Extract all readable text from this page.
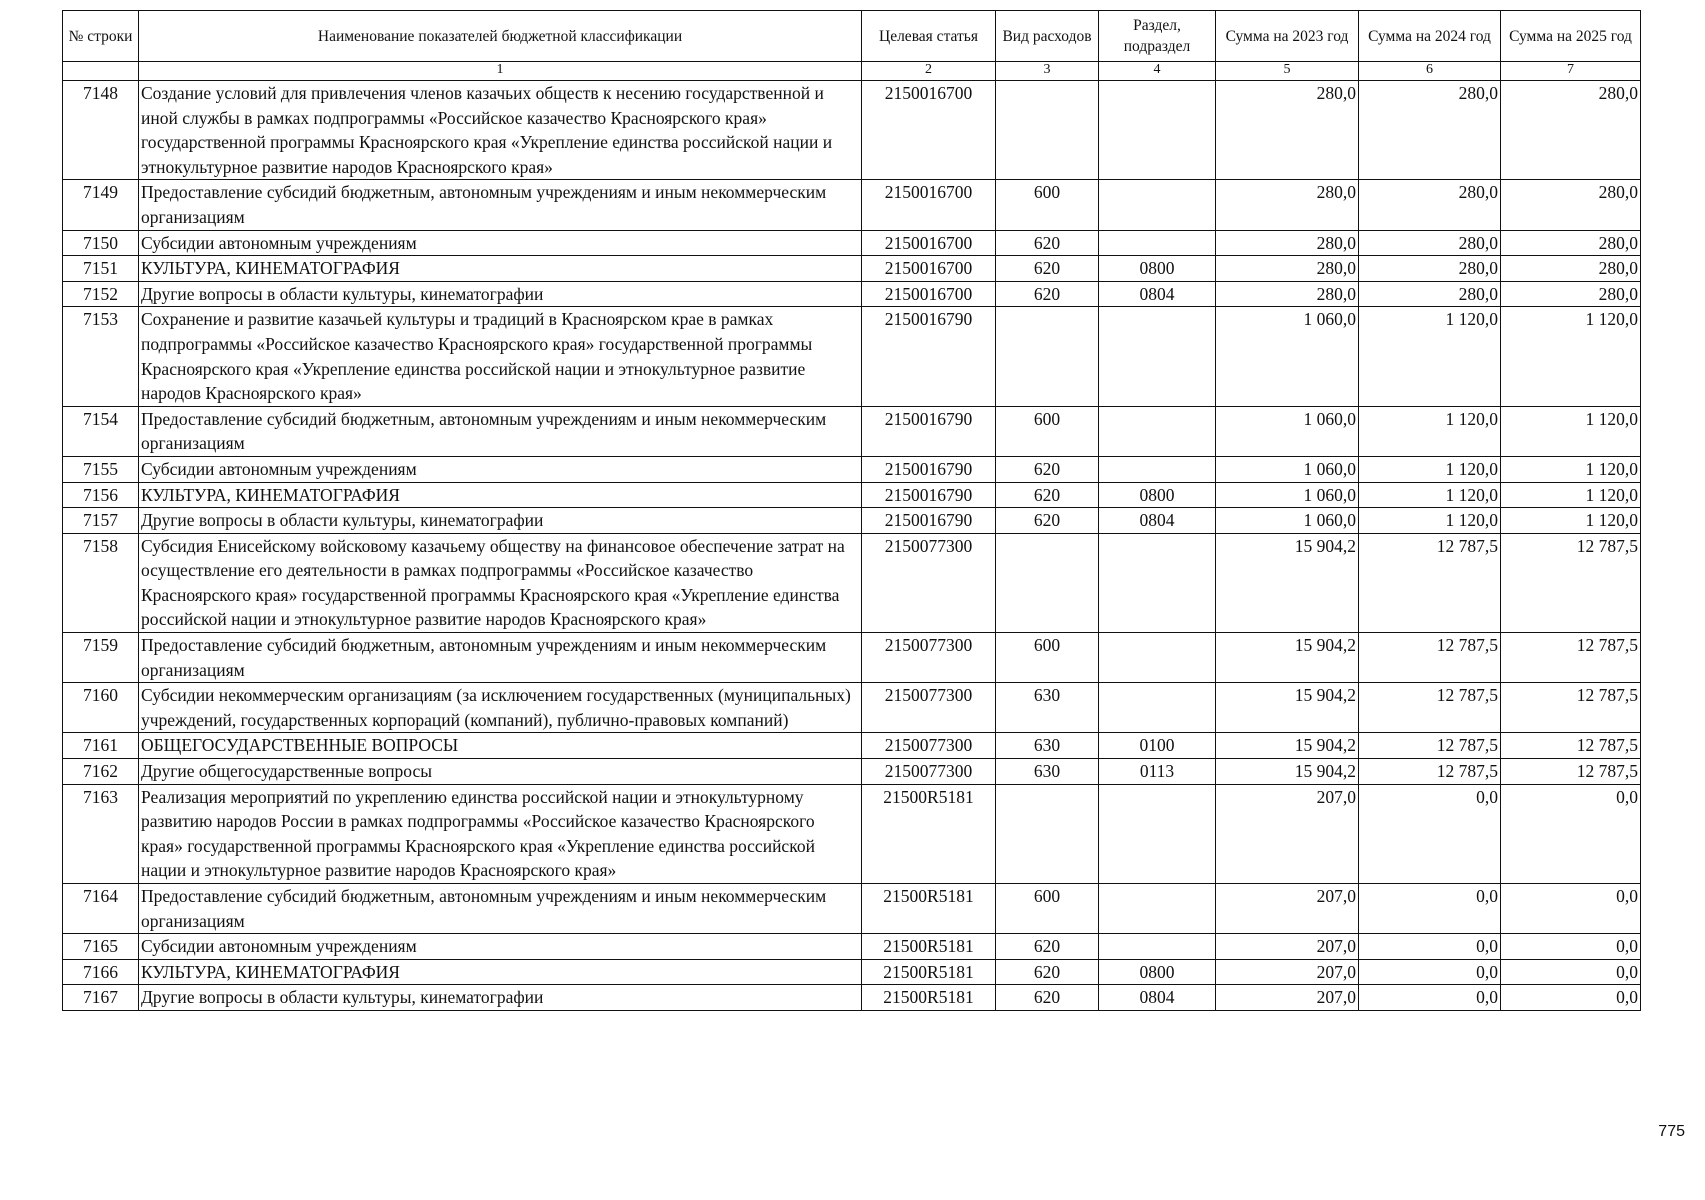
№ строки	Наименование показателей бюджетной классификации	Целевая статья	Вид расходов	Раздел, подраздел	Сумма на 2023 год	Сумма на 2024 год	Сумма на 2025 год
	1	2	3	4	5	6	7
7148	Создание условий для привлечения членов казачьих обществ к несению государственной и иной службы в рамках подпрограммы «Российское казачество Красноярского края» государственной программы Красноярского края «Укрепление единства российской нации и этнокультурное развитие народов Красноярского края»	2150016700			280,0	280,0	280,0
7149	Предоставление субсидий бюджетным, автономным учреждениям и иным некоммерческим организациям	2150016700	600		280,0	280,0	280,0
7150	Субсидии автономным учреждениям	2150016700	620		280,0	280,0	280,0
7151	КУЛЬТУРА, КИНЕМАТОГРАФИЯ	2150016700	620	0800	280,0	280,0	280,0
7152	Другие вопросы в области культуры, кинематографии	2150016700	620	0804	280,0	280,0	280,0
7153	Сохранение и развитие казачьей культуры и традиций в Красноярском крае в рамках подпрограммы «Российское казачество Красноярского края» государственной программы Красноярского края «Укрепление единства российской нации и этнокультурное развитие народов Красноярского края»	2150016790			1 060,0	1 120,0	1 120,0
7154	Предоставление субсидий бюджетным, автономным учреждениям и иным некоммерческим организациям	2150016790	600		1 060,0	1 120,0	1 120,0
7155	Субсидии автономным учреждениям	2150016790	620		1 060,0	1 120,0	1 120,0
7156	КУЛЬТУРА, КИНЕМАТОГРАФИЯ	2150016790	620	0800	1 060,0	1 120,0	1 120,0
7157	Другие вопросы в области культуры, кинематографии	2150016790	620	0804	1 060,0	1 120,0	1 120,0
7158	Субсидия Енисейскому войсковому казачьему обществу на финансовое обеспечение затрат на осуществление его деятельности в рамках подпрограммы «Российское казачество Красноярского края» государственной программы Красноярского края «Укрепление единства российской нации и этнокультурное развитие народов Красноярского края»	2150077300			15 904,2	12 787,5	12 787,5
7159	Предоставление субсидий бюджетным, автономным учреждениям и иным некоммерческим организациям	2150077300	600		15 904,2	12 787,5	12 787,5
7160	Субсидии некоммерческим организациям (за исключением государственных (муниципальных) учреждений, государственных корпораций (компаний), публично-правовых компаний)	2150077300	630		15 904,2	12 787,5	12 787,5
7161	ОБЩЕГОСУДАРСТВЕННЫЕ ВОПРОСЫ	2150077300	630	0100	15 904,2	12 787,5	12 787,5
7162	Другие общегосударственные вопросы	2150077300	630	0113	15 904,2	12 787,5	12 787,5
7163	Реализация мероприятий по укреплению единства российской нации и этнокультурному развитию народов России в рамках подпрограммы «Российское казачество Красноярского края» государственной программы Красноярского края «Укрепление единства российской нации и этнокультурное развитие народов Красноярского края»	21500R5181			207,0	0,0	0,0
7164	Предоставление субсидий бюджетным, автономным учреждениям и иным некоммерческим организациям	21500R5181	600		207,0	0,0	0,0
7165	Субсидии автономным учреждениям	21500R5181	620		207,0	0,0	0,0
7166	КУЛЬТУРА, КИНЕМАТОГРАФИЯ	21500R5181	620	0800	207,0	0,0	0,0
7167	Другие вопросы в области культуры, кинематографии	21500R5181	620	0804	207,0	0,0	0,0
775
